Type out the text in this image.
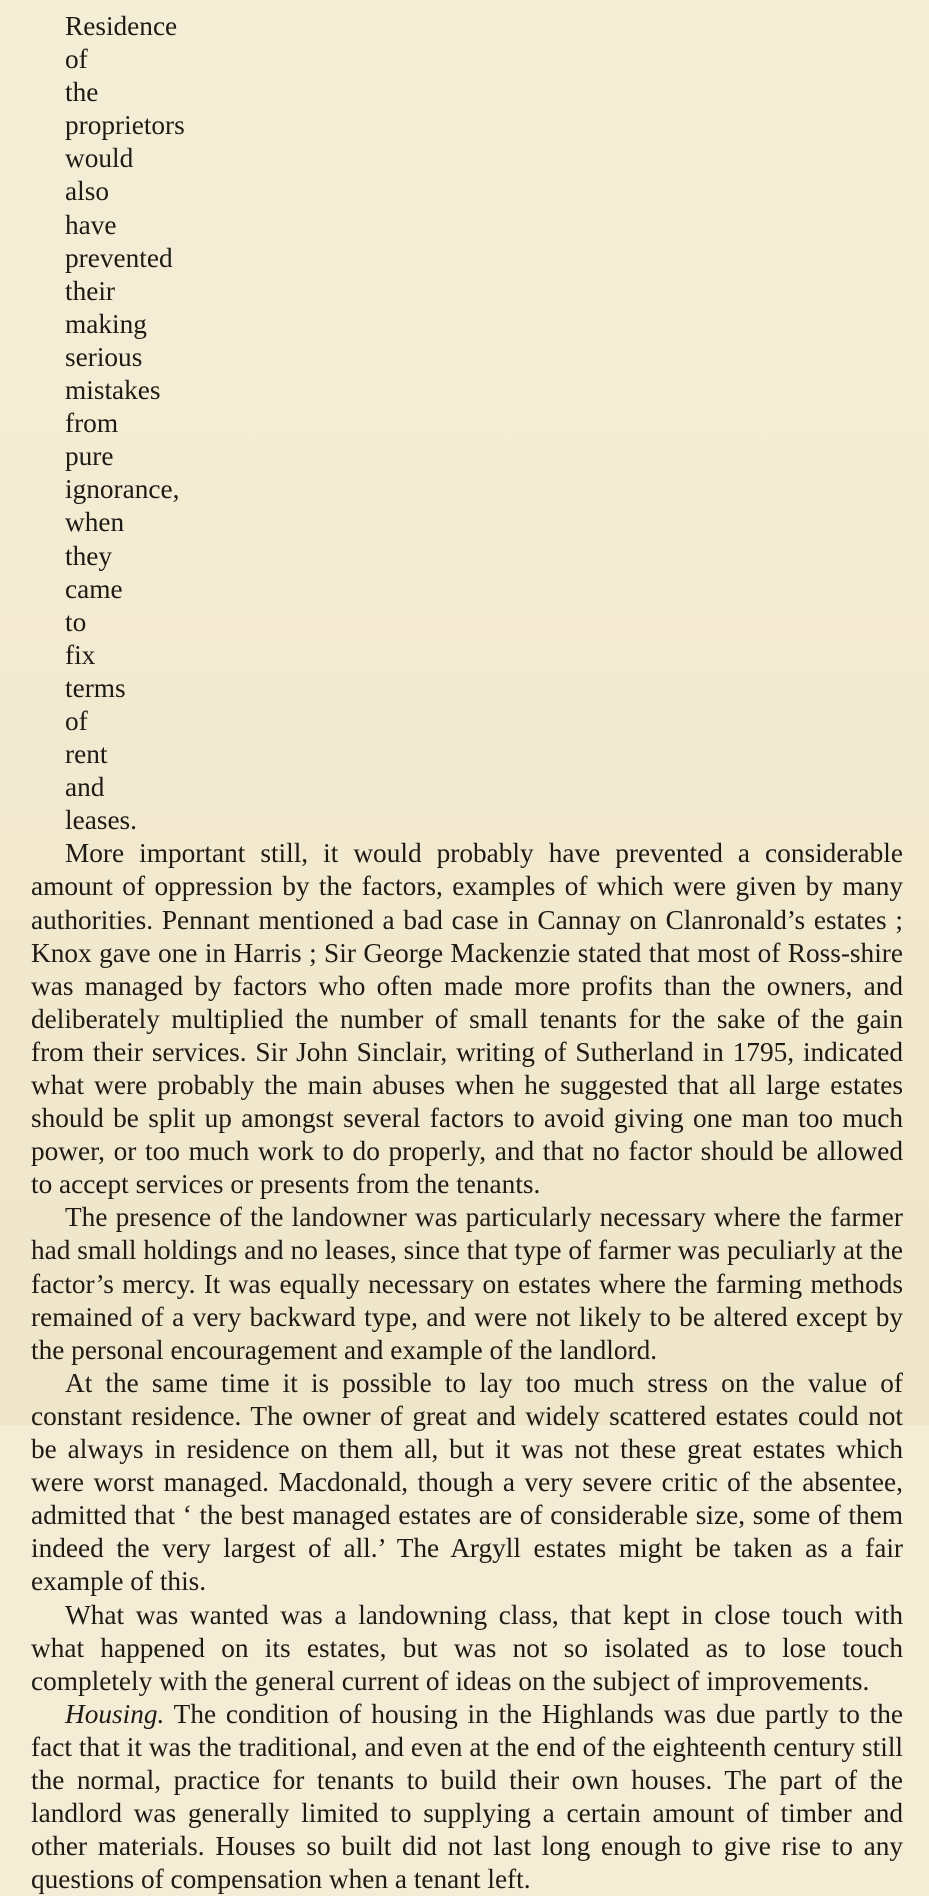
Residence of the proprietors would also have prevented their making serious mistakes from pure ignorance, when they came to fix terms of rent and leases.

More important still, it would probably have prevented a considerable amount of oppression by the factors, examples of which were given by many authorities. Pennant mentioned a bad case in Cannay on Clanronald’s estates ; Knox gave one in Harris ; Sir George Mackenzie stated that most of Ross-shire was managed by factors who often made more profits than the owners, and deliberately multiplied the number of small tenants for the sake of the gain from their services. Sir John Sinclair, writing of Sutherland in 1795, indicated what were probably the main abuses when he suggested that all large estates should be split up amongst several factors to avoid giving one man too much power, or too much work to do properly, and that no factor should be allowed to accept services or presents from the tenants.

The presence of the landowner was particularly necessary where the farmer had small holdings and no leases, since that type of farmer was peculiarly at the factor’s mercy. It was equally necessary on estates where the farming methods remained of a very backward type, and were not likely to be altered except by the personal encouragement and example of the landlord.

At the same time it is possible to lay too much stress on the value of constant residence. The owner of great and widely scattered estates could not be always in residence on them all, but it was not these great estates which were worst managed. Macdonald, though a very severe critic of the absentee, admitted that ‘ the best managed estates are of considerable size, some of them indeed the very largest of all.’ The Argyll estates might be taken as a fair example of this.

What was wanted was a landowning class, that kept in close touch with what happened on its estates, but was not so isolated as to lose touch completely with the general current of ideas on the subject of improvements.

Housing. The condition of housing in the Highlands was due partly to the fact that it was the traditional, and even at the end of the eighteenth century still the normal, practice for tenants to build their own houses. The part of the landlord was generally limited to supplying a certain amount of timber and other materials. Houses so built did not last long enough to give rise to any questions of compensation when a tenant left.
